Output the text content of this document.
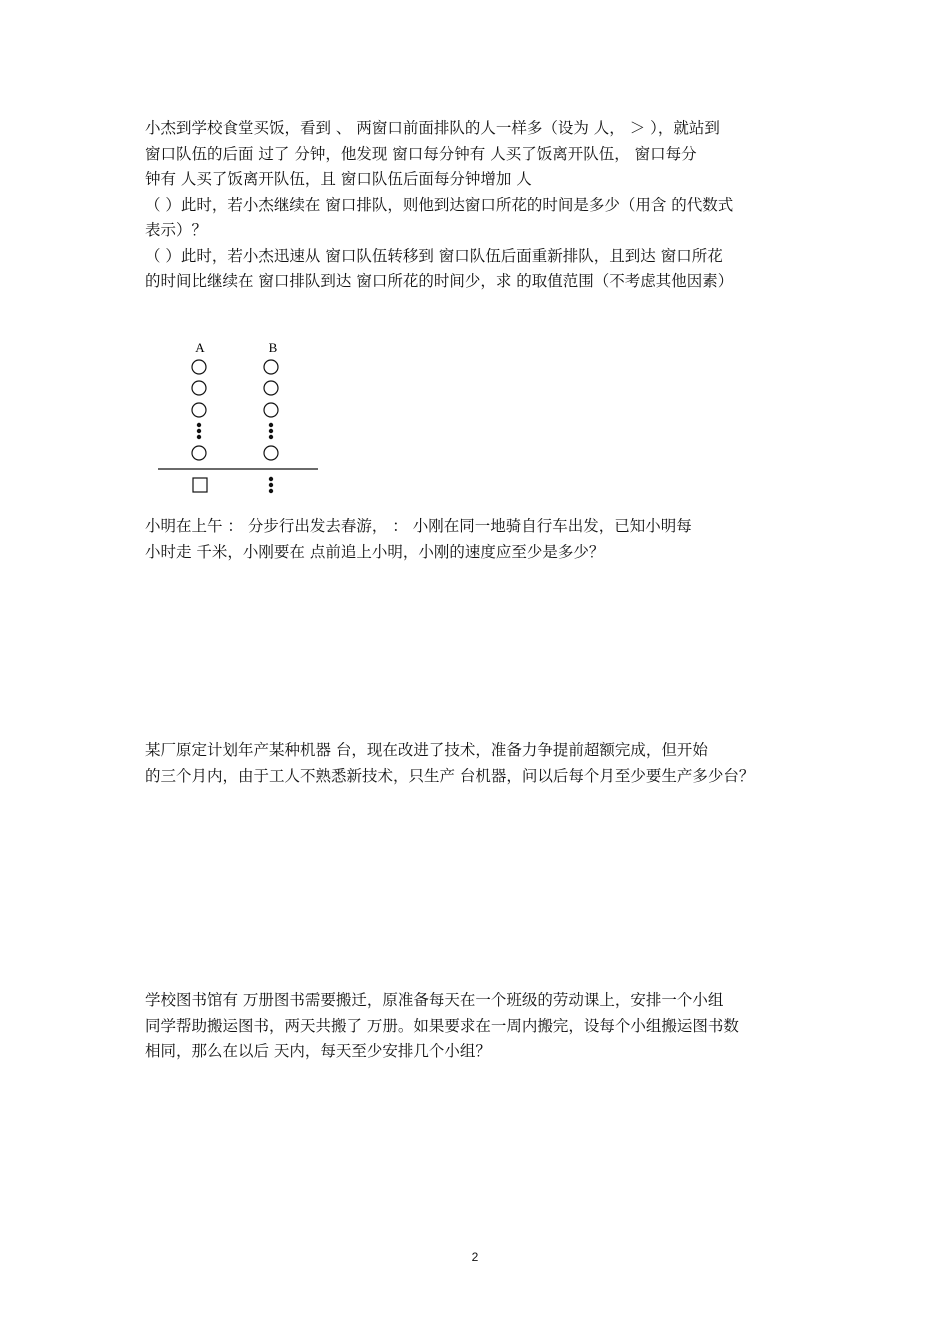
小杰到学校食堂买饭，看到 、 两窗口前面排队的人一样多（设为 人， ＞ ），就站到
窗口队伍的后面 过了 分钟，他发现 窗口每分钟有 人买了饭离开队伍， 窗口每分
钟有 人买了饭离开队伍，且 窗口队伍后面每分钟增加 人
（ ）此时，若小杰继续在 窗口排队，则他到达窗口所花的时间是多少（用含 的代数式
表示）？
（ ）此时，若小杰迅速从 窗口队伍转移到 窗口队伍后面重新排队，且到达 窗口所花
的时间比继续在 窗口排队到达 窗口所花的时间少，求 的取值范围（不考虑其他因素）
A	B
小明在上午 ： 分步行出发去春游， ： 小刚在同一地骑自行车出发，已知小明每
小时走 千米，小刚要在 点前追上小明，小刚的速度应至少是多少？
某厂原定计划年产某种机器 台，现在改进了技术，准备力争提前超额完成，但开始
的三个月内，由于工人不熟悉新技术，只生产 台机器，问以后每个月至少要生产多少台？
学校图书馆有 万册图书需要搬迁，原准备每天在一个班级的劳动课上，安排一个小组
同学帮助搬运图书，两天共搬了 万册。如果要求在一周内搬完，设每个小组搬运图书数
相同，那么在以后 天内，每天至少安排几个小组？
2
